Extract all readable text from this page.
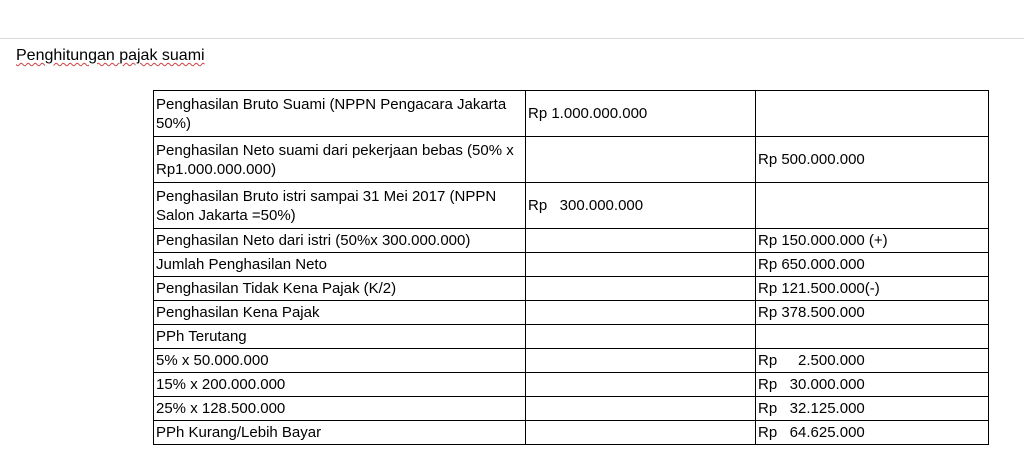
Penghitungan pajak suami
Penghasilan Bruto Suami (NPPN Pengacara Jakarta 50%)	Rp 1.000.000.000	
Penghasilan Neto suami dari pekerjaan bebas (50% x Rp1.000.000.000)		Rp 500.000.000
Penghasilan Bruto istri sampai 31 Mei 2017 (NPPN Salon Jakarta =50%)	Rp   300.000.000	
Penghasilan Neto dari istri (50%x 300.000.000)		Rp 150.000.000 (+)
Jumlah Penghasilan Neto		Rp 650.000.000
Penghasilan Tidak Kena Pajak (K/2)		Rp 121.500.000(-)
Penghasilan Kena Pajak		Rp 378.500.000
PPh Terutang		
5% x 50.000.000		Rp     2.500.000
15% x 200.000.000		Rp   30.000.000
25% x 128.500.000		Rp   32.125.000
PPh Kurang/Lebih Bayar		Rp   64.625.000
